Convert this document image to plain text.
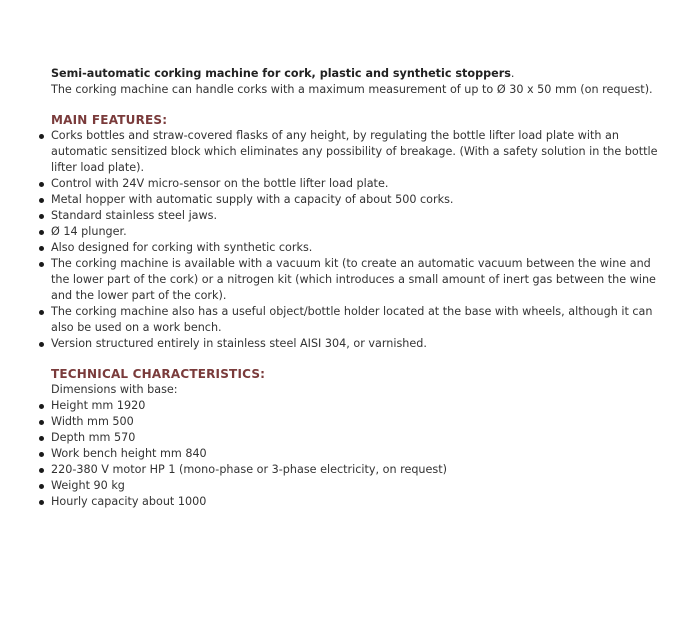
Semi-automatic corking machine for cork, plastic and synthetic stoppers.
The corking machine can handle corks with a maximum measurement of up to Ø 30 x 50 mm (on request).
MAIN FEATURES:
Corks bottles and straw-covered flasks of any height, by regulating the bottle lifter load plate with an automatic sensitized block which eliminates any possibility of breakage. (With a safety solution in the bottle lifter load plate).
Control with 24V micro-sensor on the bottle lifter load plate.
Metal hopper with automatic supply with a capacity of about 500 corks.
Standard stainless steel jaws.
Ø 14 plunger.
Also designed for corking with synthetic corks.
The corking machine is available with a vacuum kit (to create an automatic vacuum between the wine and the lower part of the cork) or a nitrogen kit (which introduces a small amount of inert gas between the wine and the lower part of the cork).
The corking machine also has a useful object/bottle holder located at the base with wheels, although it can also be used on a work bench.
Version structured entirely in stainless steel AISI 304, or varnished.
TECHNICAL CHARACTERISTICS:
Dimensions with base:
Height mm 1920
Width mm 500
Depth mm 570
Work bench height mm 840
220-380 V motor HP 1 (mono-phase or 3-phase electricity, on request)
Weight 90 kg
Hourly capacity about 1000
